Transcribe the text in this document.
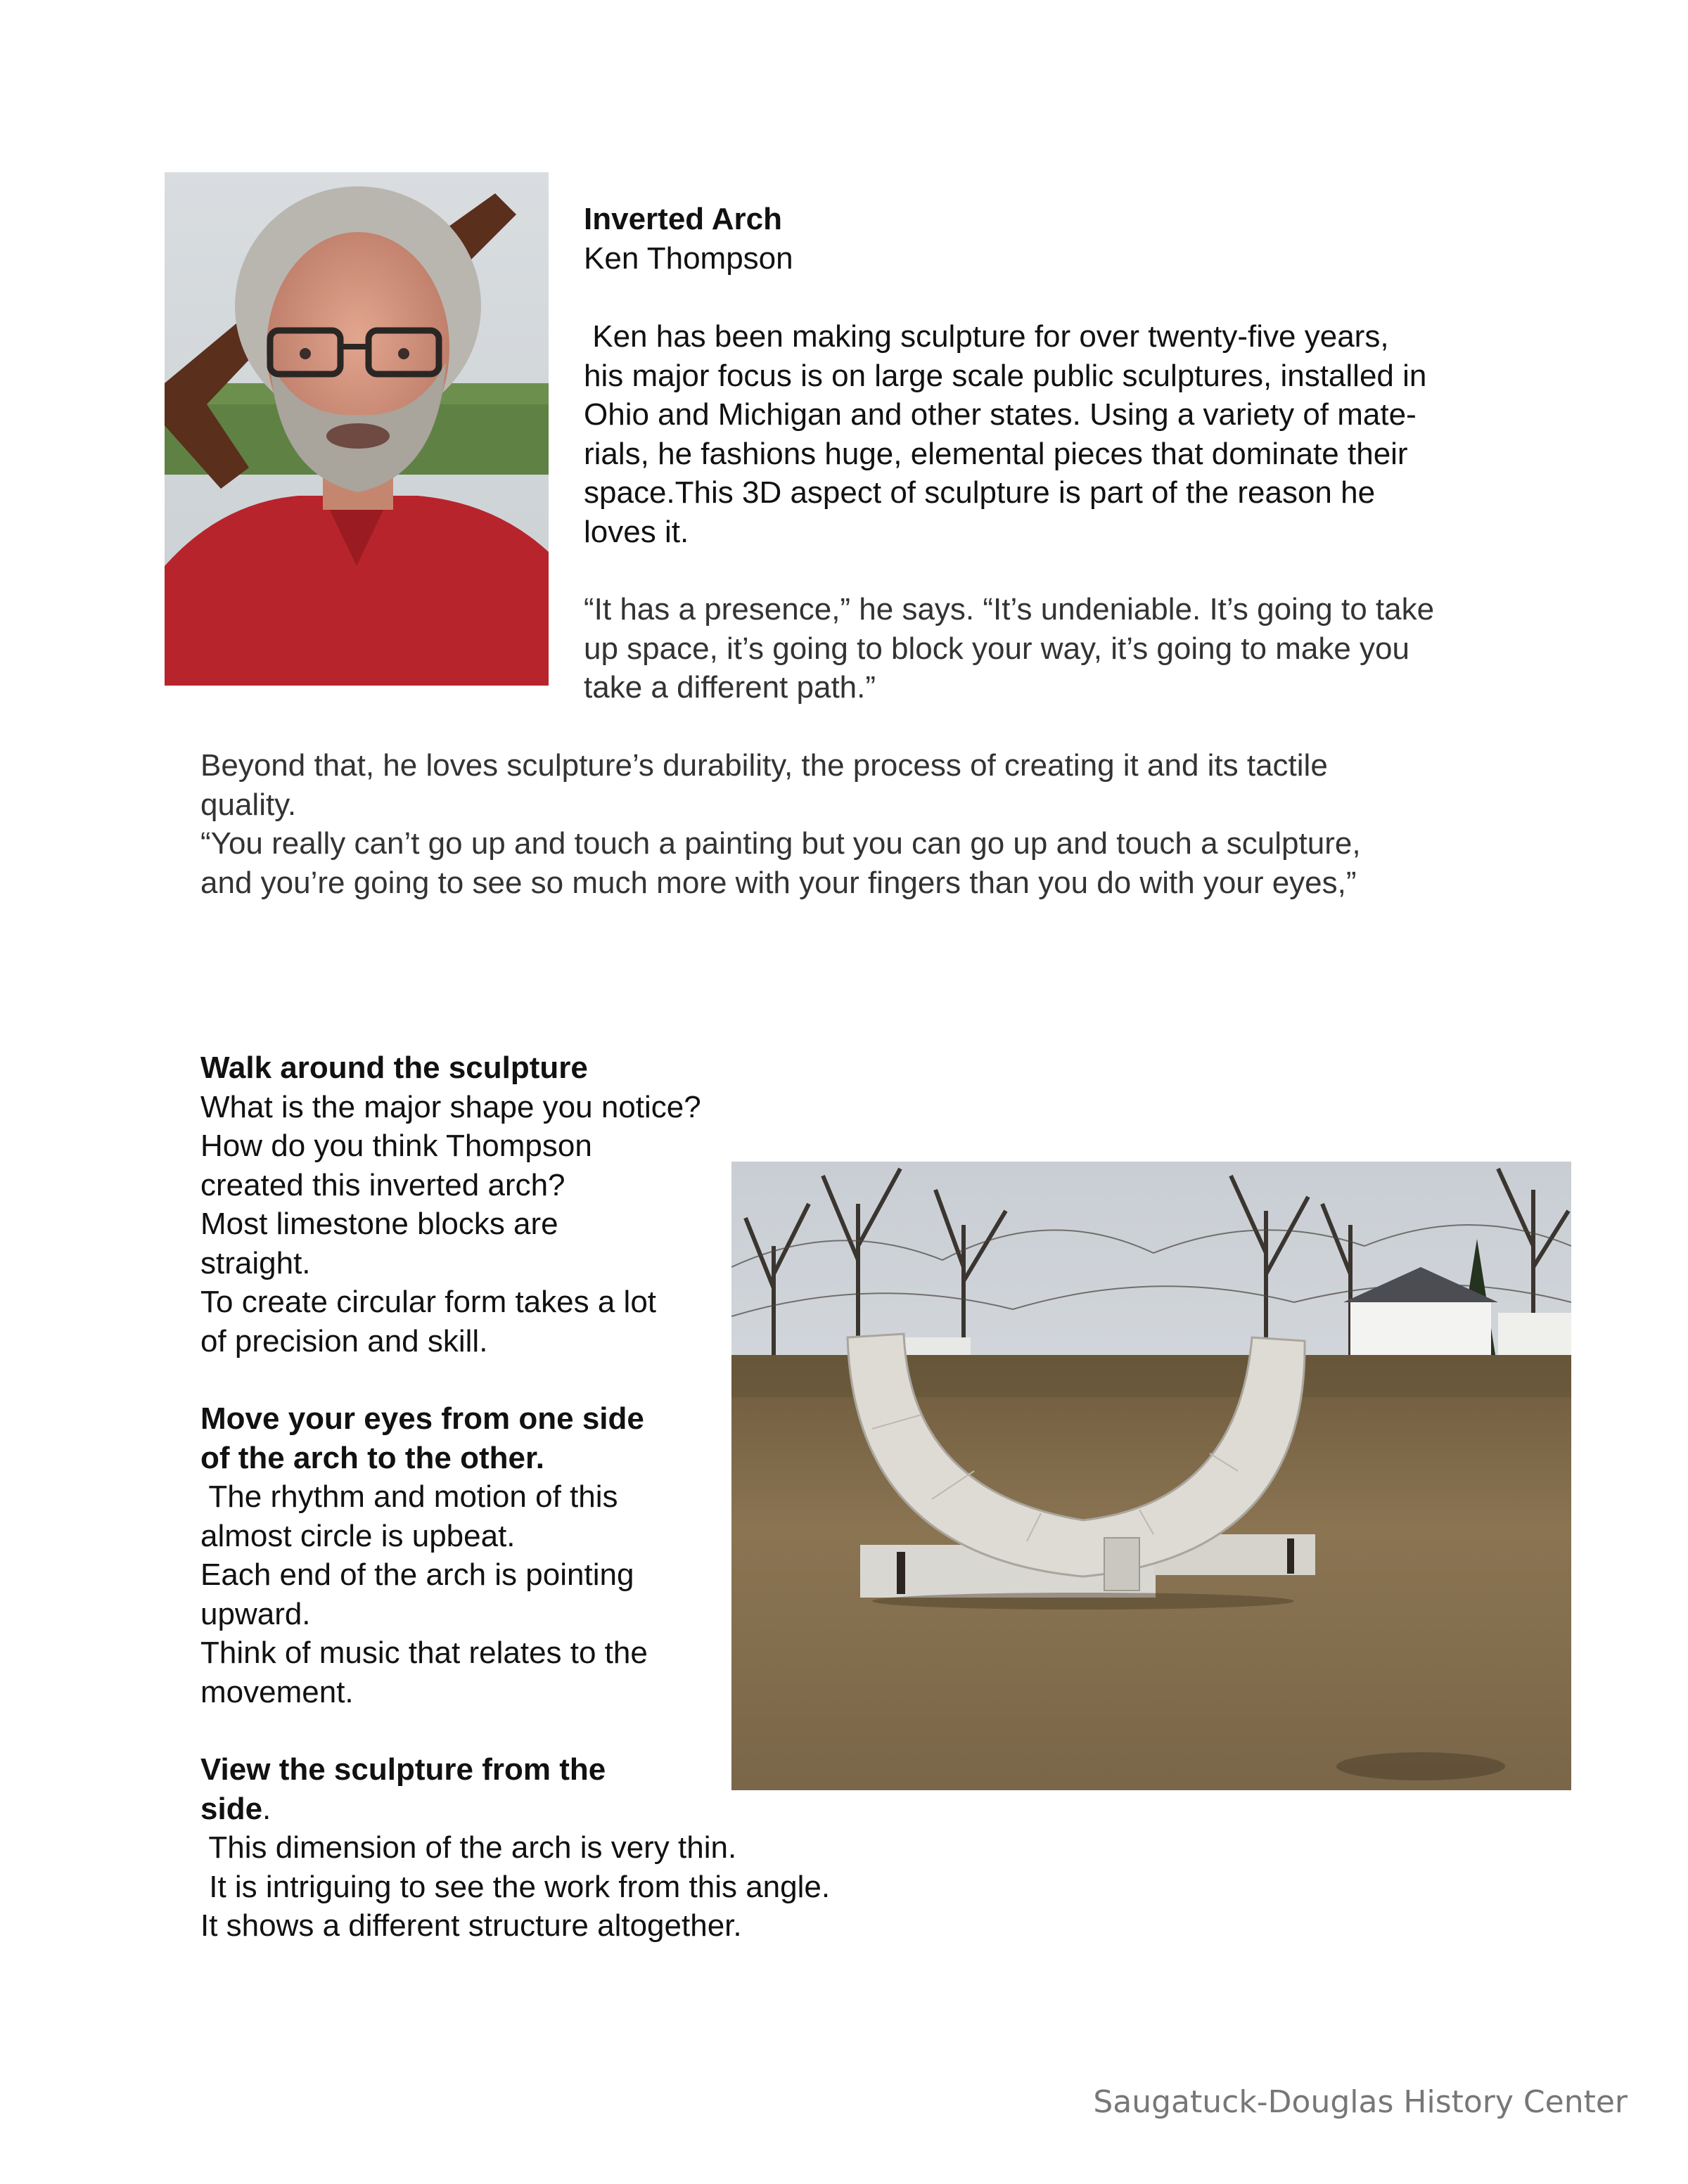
Inverted Arch

Ken Thompson

Ken has been making sculpture for over twenty-five years,
his major focus is on large scale public sculptures, installed in
Ohio and Michigan and other states. Using a variety of mate-
rials, he fashions huge, elemental pieces that dominate their
space.This 3D aspect of sculpture is part of the reason he
loves it.
“It has a presence,” he says. “It’s undeniable. It’s going to take
up space, it’s going to block your way, it’s going to make you
take a different path.”
Beyond that, he loves sculpture’s durability, the process of creating it and its tactile
quality.
“You really can’t go up and touch a painting but you can go up and touch a sculpture,
and you’re going to see so much more with your fingers than you do with your eyes,”
Walk around the sculpture
What is the major shape you notice?
How do you think Thompson
created this inverted arch?
Most limestone blocks are
straight.
To create circular form takes a lot
of precision and skill.
Move your eyes from one side
of the arch to the other.
The rhythm and motion of this
almost circle is upbeat.
Each end of the arch is pointing
upward.
Think of music that relates to the
movement.
View the sculpture from the
side.
This dimension of the arch is very thin.
It is intriguing to see the work from this angle.
It shows a different structure altogether.
Saugatuck-Douglas History Center
